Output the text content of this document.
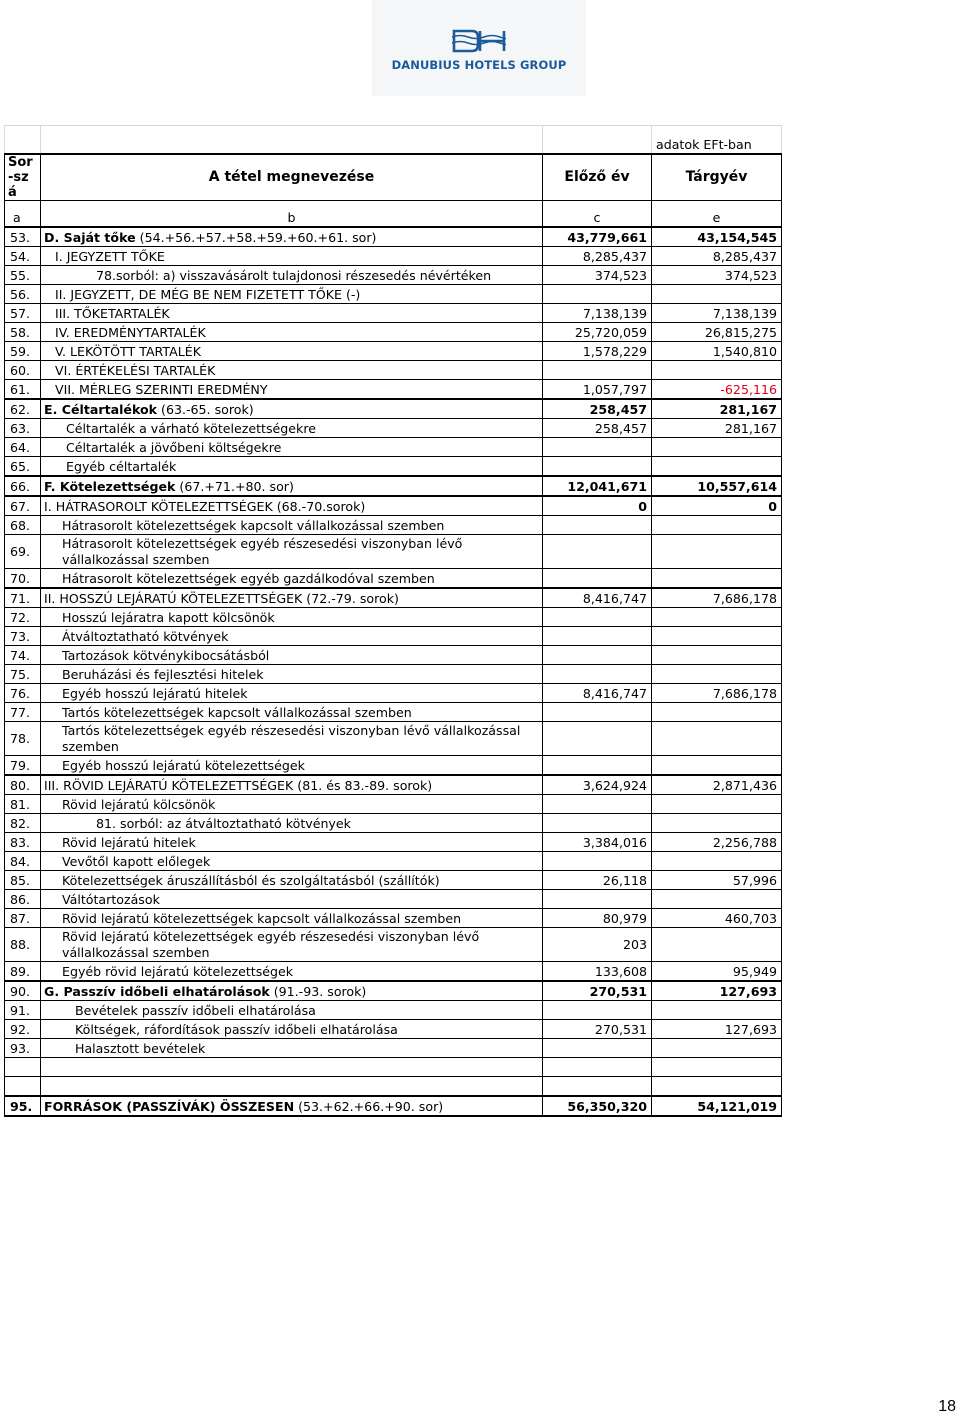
DANUBIUS HOTELS GROUP
			adatok EFt-ban
Sor-szá	A tétel megnevezése	Előző év	Tárgyév
a	b	c	e
53.	D. Saját tőke (54.+56.+57.+58.+59.+60.+61. sor)	43,779,661	43,154,545
54.	I. JEGYZETT TŐKE	8,285,437	8,285,437
55.	78.sorból: a) visszavásárolt tulajdonosi részesedés névértéken	374,523	374,523
56.	II. JEGYZETT, DE MÉG BE NEM FIZETETT TŐKE (-)		
57.	III. TŐKETARTALÉK	7,138,139	7,138,139
58.	IV. EREDMÉNYTARTALÉK	25,720,059	26,815,275
59.	V. LEKÖTÖTT TARTALÉK	1,578,229	1,540,810
60.	VI. ÉRTÉKELÉSI TARTALÉK		
61.	VII. MÉRLEG SZERINTI EREDMÉNY	1,057,797	-625,116
62.	E. Céltartalékok (63.-65. sorok)	258,457	281,167
63.	Céltartalék a várható kötelezettségekre	258,457	281,167
64.	Céltartalék a jövőbeni költségekre		
65.	Egyéb céltartalék		
66.	F. Kötelezettségek (67.+71.+80. sor)	12,041,671	10,557,614
67.	I. HÁTRASOROLT KÖTELEZETTSÉGEK (68.-70.sorok)	0	0
68.	Hátrasorolt kötelezettségek kapcsolt vállalkozással szemben		
69.	Hátrasorolt kötelezettségek egyéb részesedési viszonyban lévő vállalkozással szemben		
70.	Hátrasorolt kötelezettségek egyéb gazdálkodóval szemben		
71.	II. HOSSZÚ LEJÁRATÚ KÖTELEZETTSÉGEK (72.-79. sorok)	8,416,747	7,686,178
72.	Hosszú lejáratra kapott kölcsönök		
73.	Átváltoztatható kötvények		
74.	Tartozások kötvénykibocsátásból		
75.	Beruházási és fejlesztési hitelek		
76.	Egyéb hosszú lejáratú hitelek	8,416,747	7,686,178
77.	Tartós kötelezettségek kapcsolt vállalkozással szemben		
78.	Tartós kötelezettségek egyéb részesedési viszonyban lévő vállalkozással szemben		
79.	Egyéb hosszú lejáratú kötelezettségek		
80.	III. RÖVID LEJÁRATÚ KÖTELEZETTSÉGEK (81. és 83.-89. sorok)	3,624,924	2,871,436
81.	Rövid lejáratú kölcsönök		
82.	81. sorból: az átváltoztatható kötvények		
83.	Rövid lejáratú hitelek	3,384,016	2,256,788
84.	Vevőtől kapott előlegek		
85.	Kötelezettségek áruszállításból és szolgáltatásból (szállítók)	26,118	57,996
86.	Váltótartozások		
87.	Rövid lejáratú kötelezettségek kapcsolt vállalkozással szemben	80,979	460,703
88.	Rövid lejáratú kötelezettségek egyéb részesedési viszonyban lévő vállalkozással szemben	203	
89.	Egyéb rövid lejáratú kötelezettségek	133,608	95,949
90.	G. Passzív időbeli elhatárolások (91.-93. sorok)	270,531	127,693
91.	Bevételek passzív időbeli elhatárolása		
92.	Költségek, ráfordítások passzív időbeli elhatárolása	270,531	127,693
93.	Halasztott bevételek		

95.	FORRÁSOK (PASSZÍVÁK) ÖSSZESEN (53.+62.+66.+90. sor)	56,350,320	54,121,019
18
